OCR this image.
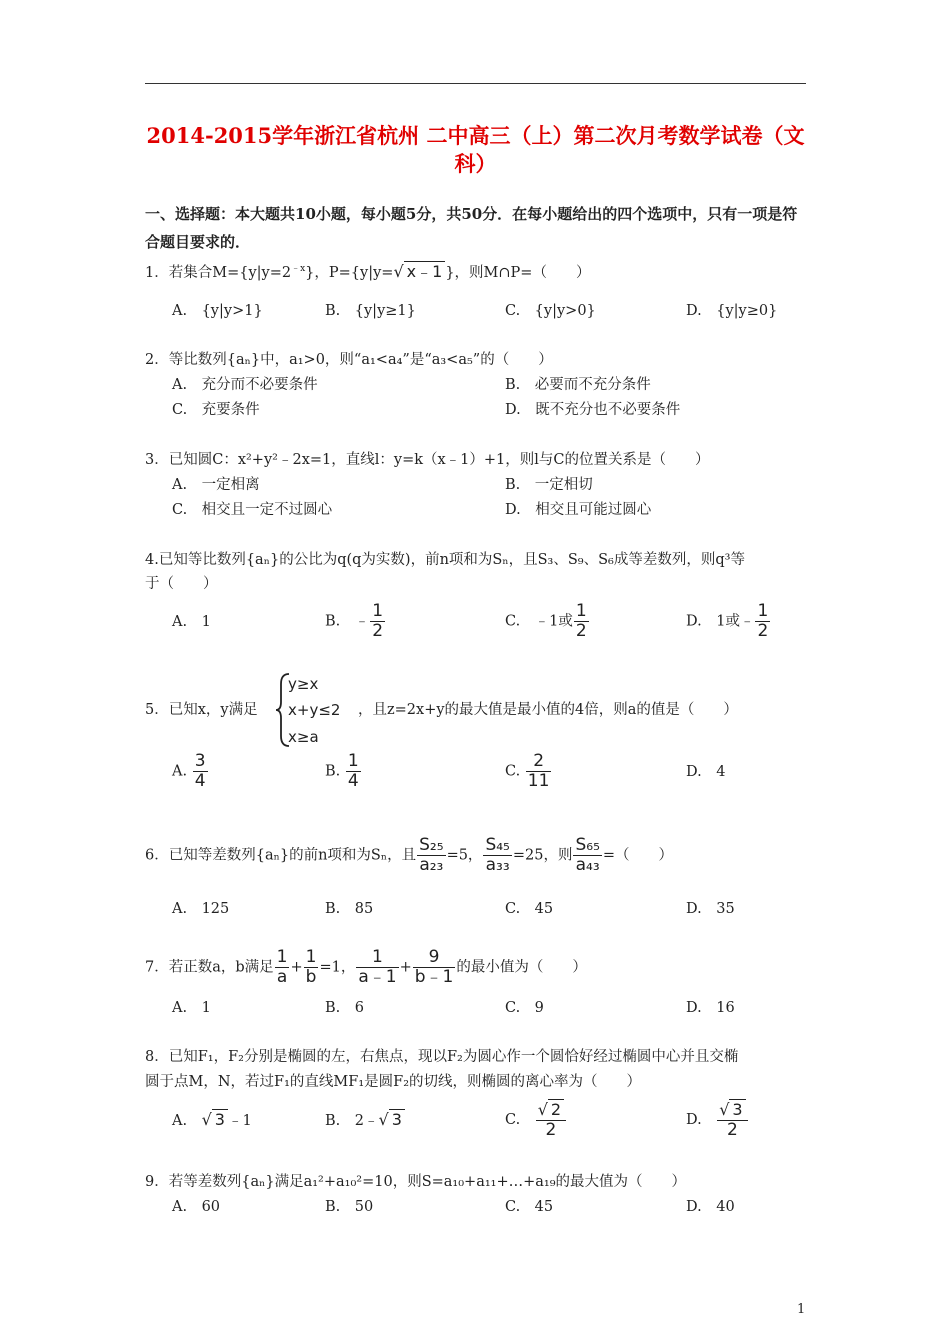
2014-2015学年浙江省杭州 二中高三（上）第二次月考数学试卷（文科）
一、选择题：本大题共10小题，每小题5分，共50分．在每小题给出的四个选项中，只有一项是符合题目要求的．
1．若集合$M=\{y|y=2^{﹣x}\}$，P={y|y=√ x﹣1 }，则M∩P=（　　）
A.　{y|y>1}	B.　{y|y≥1}	C.　{y|y>0}	D.　{y|y≥0}
2．等比数列{aₙ}中，a₁>0，则“a₁<a₄”是“a₃<a₅”的（　　）
A.　充分而不必要条件	B.　必要而不充分条件
C.　充要条件	D.　既不充分也不必要条件
3．已知圆C：x²+y²﹣2x=1，直线l：y=k（x﹣1）+1，则l与C的位置关系是（　　）
A.　一定相离	B.　一定相切
C.　相交且一定不过圆心	D.　相交且可能过圆心
4.已知等比数列{aₙ}的公比为q(q为实数)，前n项和为Sₙ，且S₃、S₉、S₆成等差数列，则q³等
于（　　）
A.　1	B.　﹣ $\frac{1}{2}$	C.　﹣1或 $\frac{1}{2}$	D.　1或﹣ $\frac{1}{2}$
y≥x
x+y≤2
x≥a
5．已知x，y满足	，且z=2x+y的最大值是最小值的4倍，则a的值是（　　）
A. $\frac{3}{4}$	B. $\frac{1}{4}$	C. $\frac{2}{11}$	D.　4
6．已知等差数列{aₙ}的前n项和为Sₙ，且 $\frac{\text{S₂₅}}{\text{a₂₃}} =5$， $\frac{\text{S₄₅}}{\text{a₃₃}} =25$，则 $\frac{\text{S₆₅}}{\text{a₄₃}}$ =（　　）
A.　125	B.　85	C.　45	D.　35
7．若正数a，b满足 $\frac{1}{a} + \frac{1}{b} =1$， $\frac{1}{a﹣1} + \frac{9}{b﹣1}$ 的最小值为（　　）
A.　1	B.　6	C.　9	D.　16
8．已知F₁，F₂分别是椭圆的左，右焦点，现以F₂为圆心作一个圆恰好经过椭圆中心并且交椭
圆于点M，N，若过F₁的直线MF₁是圆F₂的切线，则椭圆的离心率为（　　）
A.　 √ 3 ﹣1	B.　2﹣√ 3	C.　 $\frac{√ 2}{2}$	D.　 $\frac{√ 3}{2}$
9．若等差数列{aₙ}满足a₁²+a₁₀²=10，则S=a₁₀+a₁₁+…+a₁₉的最大值为（　　）
A.　60	B.　50	C.　45	D.　40
1
